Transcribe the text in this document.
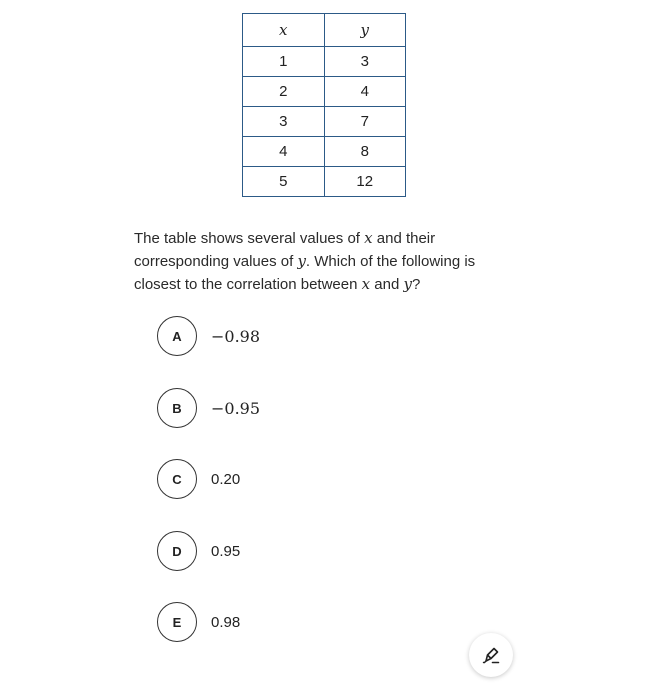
x	y
1	3
2	4
3	7
4	8
5	12
The table shows several values of x and their corresponding values of y. Which of the following is closest to the correlation between x and y?
A	−0.98
B	−0.95
C	0.20
D	0.95
E	0.98
